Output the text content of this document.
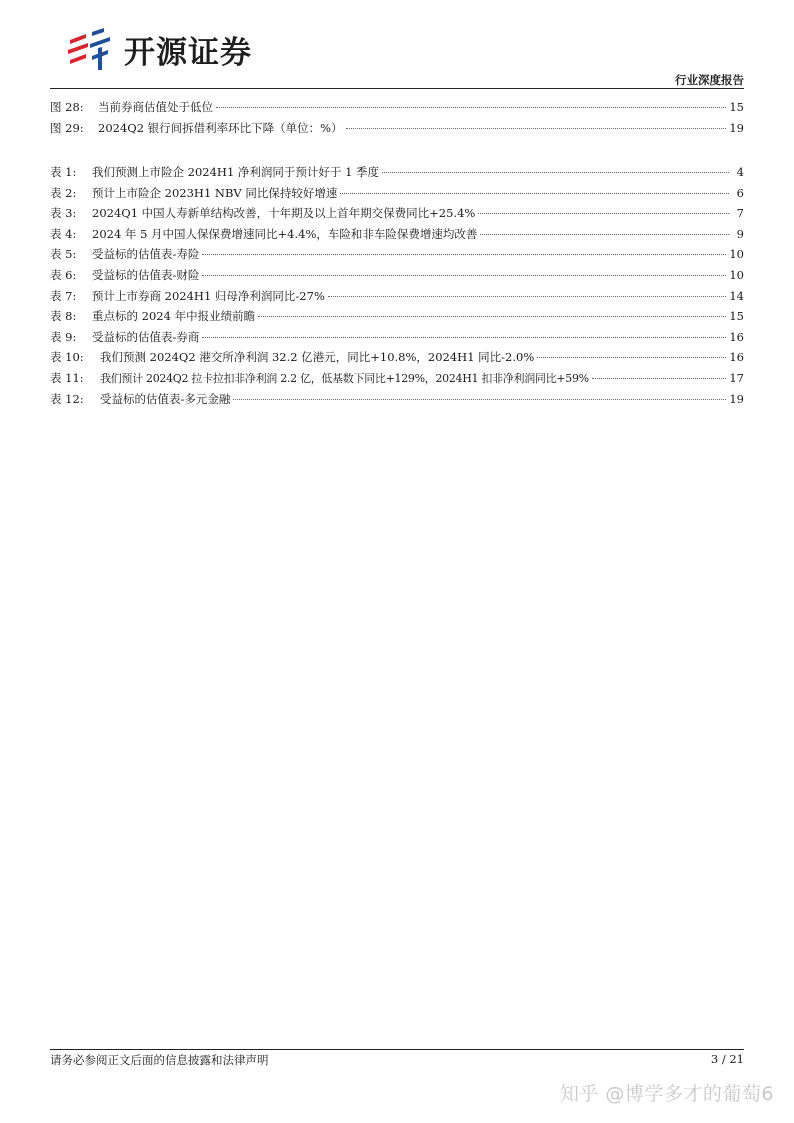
开源证券
行业深度报告
图 28:	当前券商估值处于低位	15
图 29:	2024Q2 银行间拆借利率环比下降（单位：%）	19
表 1:	我们预测上市险企 2024H1 净利润同于预计好于 1 季度	4
表 2:	预计上市险企 2023H1 NBV 同比保持较好增速	6
表 3:	2024Q1 中国人寿新单结构改善，十年期及以上首年期交保费同比+25.4%	7
表 4:	2024 年 5 月中国人保保费增速同比+4.4%，车险和非车险保费增速均改善	9
表 5:	受益标的估值表-寿险	10
表 6:	受益标的估值表-财险	10
表 7:	预计上市券商 2024H1 归母净利润同比-27%	14
表 8:	重点标的 2024 年中报业绩前瞻	15
表 9:	受益标的估值表-券商	16
表 10:	我们预测 2024Q2 港交所净利润 32.2 亿港元，同比+10.8%，2024H1 同比-2.0%	16
表 11:	我们预计 2024Q2 拉卡拉扣非净利润 2.2 亿，低基数下同比+129%，2024H1 扣非净利润同比+59%	17
表 12:	受益标的估值表-多元金融	19
请务必参阅正文后面的信息披露和法律声明	3 / 21
知乎 @博学多才的葡萄6
